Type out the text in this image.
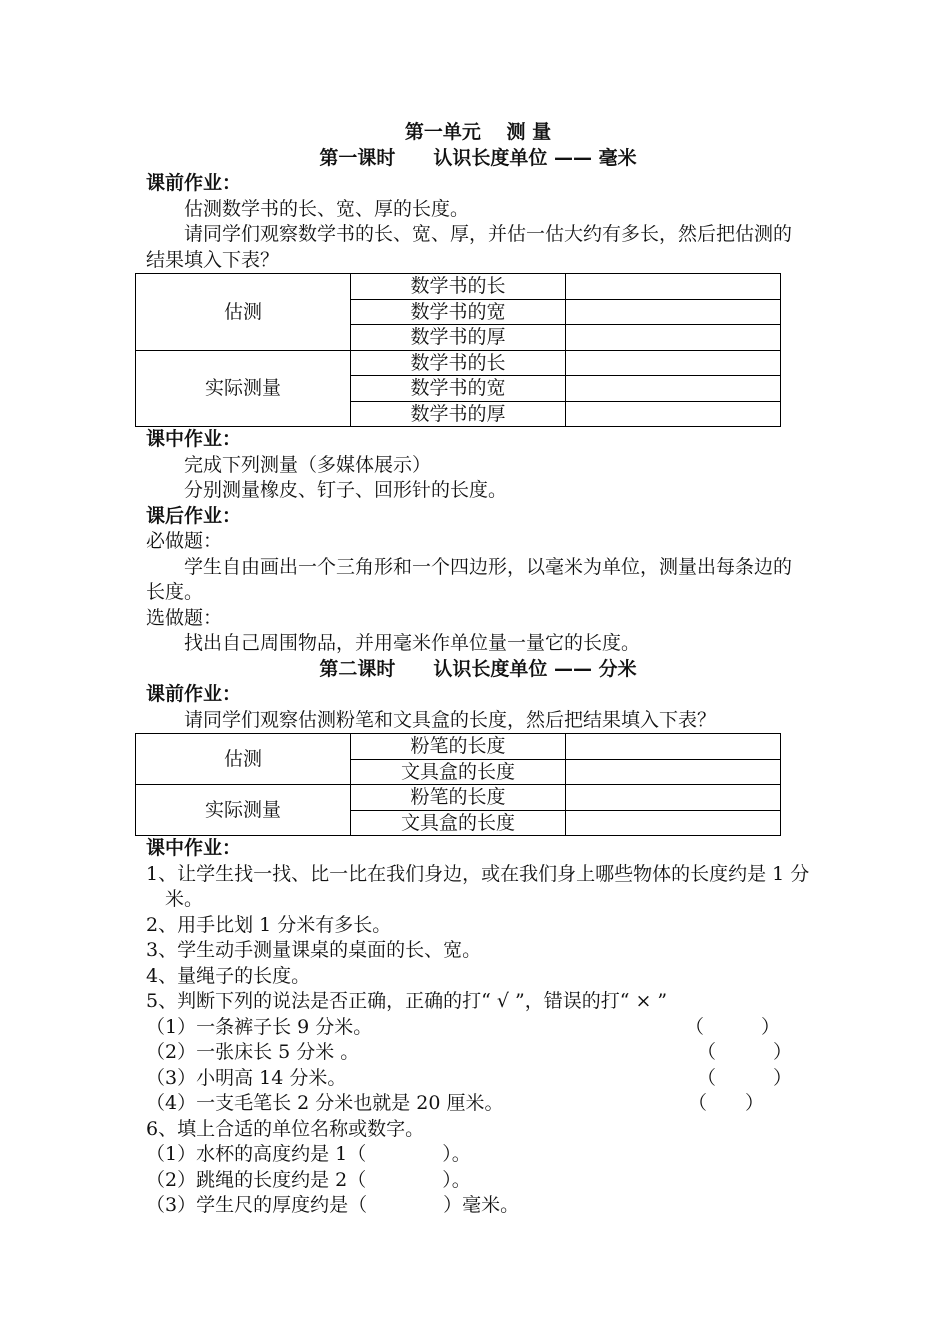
第一单元　 测 量

第一课时　　认识长度单位 —— 毫米

课前作业：

估测数学书的长、宽、厚的长度。

请同学们观察数学书的长、宽、厚，并估一估大约有多长，然后把估测的结果填入下表？

估测	数学书的长	
	数学书的宽	
	数学书的厚	
实际测量	数学书的长	
	数学书的宽	
	数学书的厚	

课中作业：

完成下列测量（多媒体展示）

分别测量橡皮、钉子、回形针的长度。

课后作业：

必做题：

学生自由画出一个三角形和一个四边形，以毫米为单位，测量出每条边的长度。

选做题：

找出自己周围物品，并用毫米作单位量一量它的长度。

第二课时　　认识长度单位 —— 分米

课前作业：

请同学们观察估测粉笔和文具盒的长度，然后把结果填入下表？

估测	粉笔的长度	
	文具盒的长度	
实际测量	粉笔的长度	
	文具盒的长度	

课中作业：

1、让学生找一找、比一比在我们身边，或在我们身上哪些物体的长度约是 1 分米。

2、用手比划 1 分米有多长。

3、学生动手测量课桌的桌面的长、宽。

4、量绳子的长度。

5、判断下列的说法是否正确，正确的打“ √ ”，错误的打“ × ”

（1）一条裤子长 9 分米。	（　　　）
（2）一张床长 5 分米 。	（　　　）
（3）小明高 14 分米。	（　　　）
（4）一支毛笔长 2 分米也就是 20 厘米。	（　　）

6、填上合适的单位名称或数字。

（1）水杯的高度约是 1（　　　　）。

（2）跳绳的长度约是 2（　　　　）。

（3）学生尺的厚度约是（　　　　）毫米。
